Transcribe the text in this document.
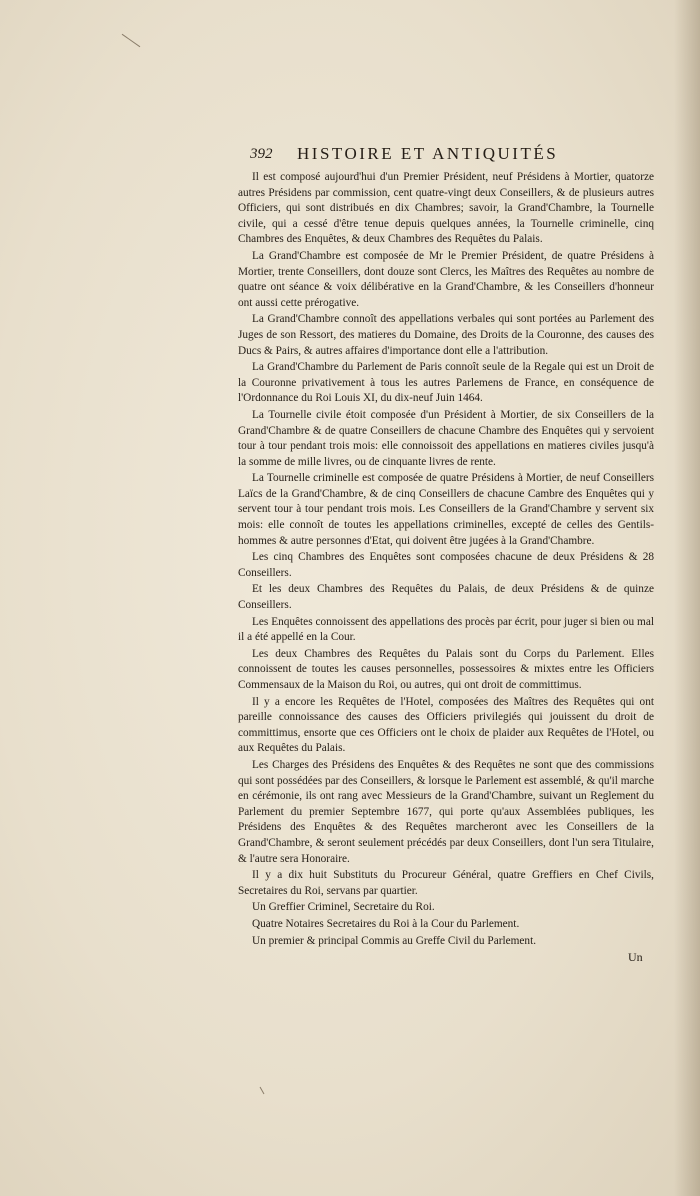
392 HISTOIRE ET ANTIQUITÉS

Il est composé aujourd'hui d'un Premier Président, neuf Présidens à Mortier, quatorze autres Présidens par commission, cent quatre-vingt deux Conseillers, & de plusieurs autres Officiers, qui sont distribués en dix Chambres; savoir, la Grand'Chambre, la Tournelle civile, qui a cessé d'être tenue depuis quelques années, la Tournelle criminelle, cinq Chambres des Enquêtes, & deux Chambres des Requêtes du Palais.

La Grand'Chambre est composée de Mr le Premier Président, de quatre Présidens à Mortier, trente Conseillers, dont douze sont Clercs, les Maîtres des Requêtes au nombre de quatre ont séance & voix délibérative en la Grand'Chambre, & les Conseillers d'honneur ont aussi cette prérogative.

La Grand'Chambre connoît des appellations verbales qui sont portées au Parlement des Juges de son Ressort, des matieres du Domaine, des Droits de la Couronne, des causes des Ducs & Pairs, & autres affaires d'importance dont elle a l'attribution.

La Grand'Chambre du Parlement de Paris connoît seule de la Regale qui est un Droit de la Couronne privativement à tous les autres Parlemens de France, en conséquence de l'Ordonnance du Roi Louis XI, du dix-neuf Juin 1464.

La Tournelle civile étoit composée d'un Président à Mortier, de six Conseillers de la Grand'Chambre & de quatre Conseillers de chacune Chambre des Enquêtes qui y servoient tour à tour pendant trois mois: elle connoissoit des appellations en matieres civiles jusqu'à la somme de mille livres, ou de cinquante livres de rente.

La Tournelle criminelle est composée de quatre Présidens à Mortier, de neuf Conseillers Laïcs de la Grand'Chambre, & de cinq Conseillers de chacune Cambre des Enquêtes qui y servent tour à tour pendant trois mois. Les Conseillers de la Grand'Chambre y servent six mois: elle connoît de toutes les appellations criminelles, excepté de celles des Gentils-hommes & autre personnes d'Etat, qui doivent être jugées à la Grand'Chambre.

Les cinq Chambres des Enquêtes sont composées chacune de deux Présidens & 28 Conseillers.

Et les deux Chambres des Requêtes du Palais, de deux Présidens & de quinze Conseillers.

Les Enquêtes connoissent des appellations des procès par écrit, pour juger si bien ou mal il a été appellé en la Cour.

Les deux Chambres des Requêtes du Palais sont du Corps du Parlement. Elles connoissent de toutes les causes personnelles, possessoires & mixtes entre les Officiers Commensaux de la Maison du Roi, ou autres, qui ont droit de committimus.

Il y a encore les Requêtes de l'Hotel, composées des Maîtres des Requêtes qui ont pareille connoissance des causes des Officiers privilegiés qui jouissent du droit de committimus, ensorte que ces Officiers ont le choix de plaider aux Requêtes de l'Hotel, ou aux Requêtes du Palais.

Les Charges des Présidens des Enquêtes & des Requêtes ne sont que des commissions qui sont possédées par des Conseillers, & lorsque le Parlement est assemblé, & qu'il marche en cérémonie, ils ont rang avec Messieurs de la Grand'Chambre, suivant un Reglement du Parlement du premier Septembre 1677, qui porte qu'aux Assemblées publiques, les Présidens des Enquêtes & des Requêtes marcheront avec les Conseillers de la Grand'Chambre, & seront seulement précédés par deux Conseillers, dont l'un sera Titulaire, & l'autre sera Honoraire.

Il y a dix huit Substituts du Procureur Général, quatre Greffiers en Chef Civils, Secretaires du Roi, servans par quartier.

Un Greffier Criminel, Secretaire du Roi.

Quatre Notaires Secretaires du Roi à la Cour du Parlement.

Un premier & principal Commis au Greffe Civil du Parlement.

Un
